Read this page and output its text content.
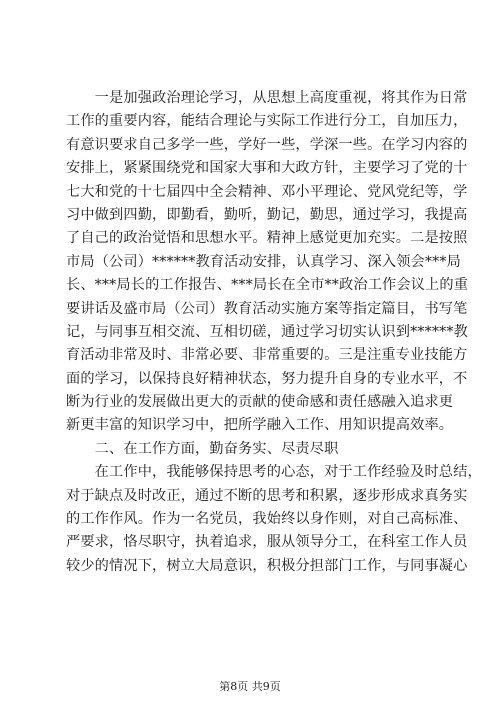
　　一是加强政治理论学习，从思想上高度重视，将其作为日常
工作的重要内容，能结合理论与实际工作进行分工，自加压力，
有意识要求自己多学一些，学好一些，学深一些。在学习内容的
安排上，紧紧围绕党和国家大事和大政方针，主要学习了党的十
七大和党的十七届四中全会精神、邓小平理论、党风党纪等，学
习中做到四勤，即勤看，勤听，勤记，勤思，通过学习，我提高
了自己的政治觉悟和思想水平。精神上感觉更加充实。二是按照
市局（公司）******教育活动安排，认真学习、深入领会***局
长、***局长的工作报告、***局长在全市**政治工作会议上的重
要讲话及盛市局（公司）教育活动实施方案等指定篇目，书写笔
记，与同事互相交流、互相切磋，通过学习切实认识到******教
育活动非常及时、非常必要、非常重要的。三是注重专业技能方
面的学习，以保持良好精神状态，努力提升自身的专业水平，不
断为行业的发展做出更大的贡献的使命感和责任感融入追求更
新更丰富的知识学习中，把所学融入工作、用知识提高效率。
　　二、在工作方面，勤奋务实、尽责尽职
　　在工作中，我能够保持思考的心态，对于工作经验及时总结，
对于缺点及时改正，通过不断的思考和积累，逐步形成求真务实
的工作作风。作为一名党员，我始终以身作则，对自己高标准、
严要求，恪尽职守，执着追求，服从领导分工，在科室工作人员
较少的情况下，树立大局意识，积极分担部门工作，与同事凝心
第8页 共9页
